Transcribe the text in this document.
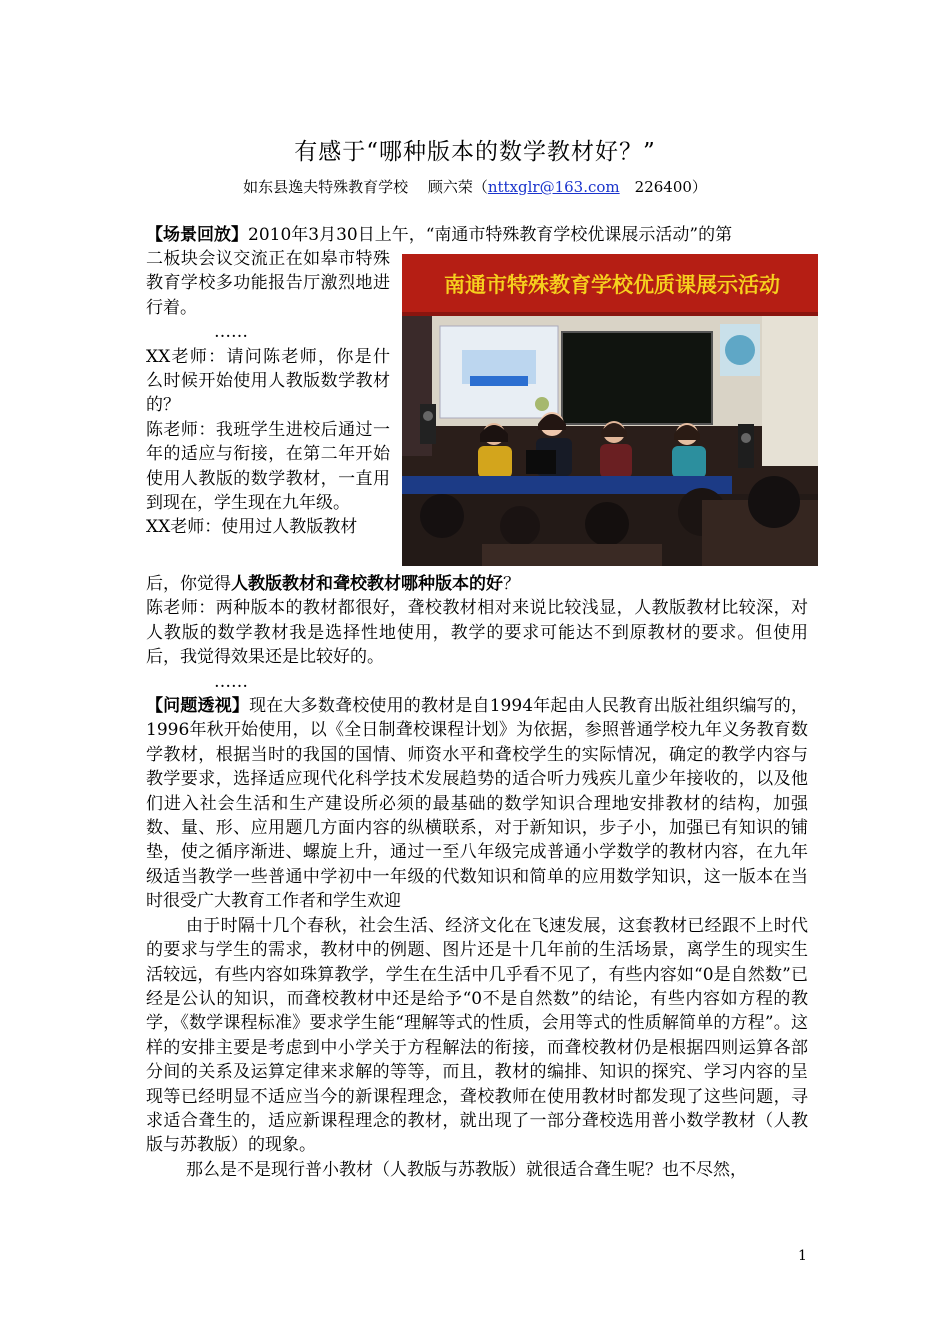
有感于“哪种版本的数学教材好？”
如东县逸夫特殊教育学校　 顾六荣（nttxglr@163.com　226400）

【场景回放】2010年3月30日上午，“南通市特殊教育学校优课展示活动”的第

二板块会议交流正在如皋市特殊教育学校多功能报告厅激烈地进行着。

……

XX老师：请问陈老师，你是什么时候开始使用人教版数学教材的？

陈老师：我班学生进校后通过一年的适应与衔接，在第二年开始使用人教版的数学教材，一直用到现在，学生现在九年级。

XX老师：使用过人教版教材

后，你觉得人教版教材和聋校教材哪种版本的好？

陈老师：两种版本的教材都很好，聋校教材相对来说比较浅显，人教版教材比较深，对人教版的数学教材我是选择性地使用，教学的要求可能达不到原教材的要求。但使用后，我觉得效果还是比较好的。

……

【问题透视】现在大多数聋校使用的教材是自1994年起由人民教育出版社组织编写的，1996年秋开始使用，以《全日制聋校课程计划》为依据，参照普通学校九年义务教育数学教材，根据当时的我国的国情、师资水平和聋校学生的实际情况，确定的教学内容与教学要求，选择适应现代化科学技术发展趋势的适合听力残疾儿童少年接收的，以及他们进入社会生活和生产建设所必须的最基础的数学知识合理地安排教材的结构，加强数、量、形、应用题几方面内容的纵横联系，对于新知识，步子小，加强已有知识的铺垫，使之循序渐进、螺旋上升，通过一至八年级完成普通小学数学的教材内容，在九年级适当教学一些普通中学初中一年级的代数知识和简单的应用数学知识，这一版本在当时很受广大教育工作者和学生欢迎

由于时隔十几个春秋，社会生活、经济文化在飞速发展，这套教材已经跟不上时代的要求与学生的需求，教材中的例题、图片还是十几年前的生活场景，离学生的现实生活较远，有些内容如珠算教学，学生在生活中几乎看不见了，有些内容如“0是自然数”已经是公认的知识，而聋校教材中还是给予“0不是自然数”的结论，有些内容如方程的教学，《数学课程标准》要求学生能“理解等式的性质，会用等式的性质解简单的方程”。这样的安排主要是考虑到中小学关于方程解法的衔接，而聋校教材仍是根据四则运算各部分间的关系及运算定律来求解的等等，而且，教材的编排、知识的探究、学习内容的呈现等已经明显不适应当今的新课程理念，聋校教师在使用教材时都发现了这些问题，寻求适合聋生的，适应新课程理念的教材，就出现了一部分聋校选用普小数学教材（人教版与苏教版）的现象。

那么是不是现行普小教材（人教版与苏教版）就很适合聋生呢？也不尽然，

南通市特殊教育学校优质课展示活动
1
